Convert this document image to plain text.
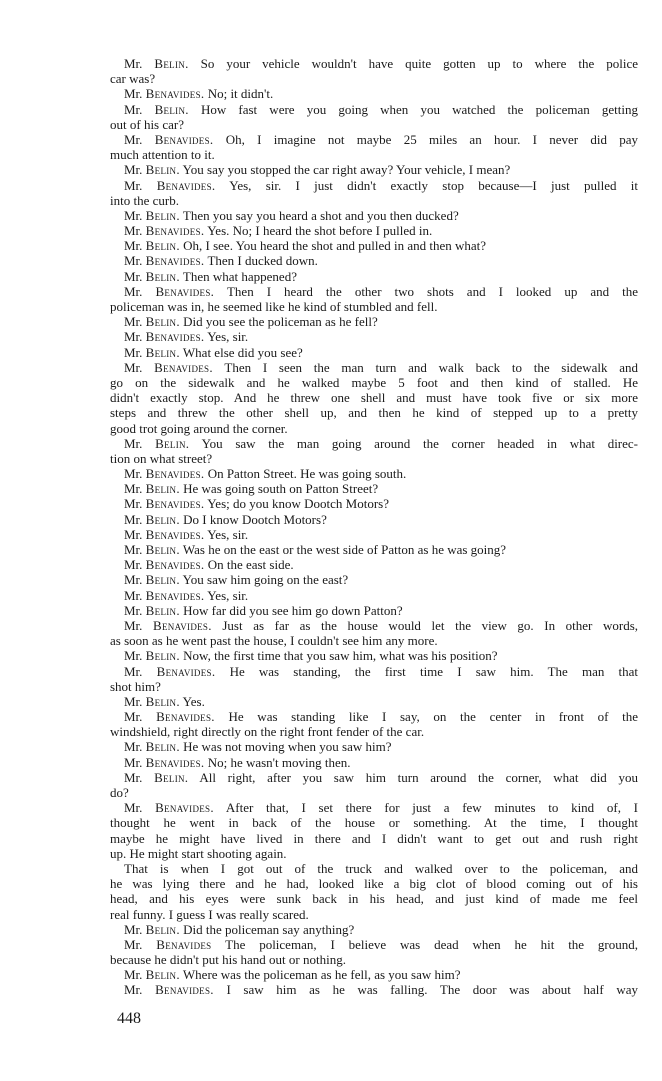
Mr. Belin. So your vehicle wouldn't have quite gotten up to where the police
car was?
Mr. Benavides. No; it didn't.
Mr. Belin. How fast were you going when you watched the policeman getting
out of his car?
Mr. Benavides. Oh, I imagine not maybe 25 miles an hour. I never did pay
much attention to it.
Mr. Belin. You say you stopped the car right away? Your vehicle, I mean?
Mr. Benavides. Yes, sir. I just didn't exactly stop because—I just pulled it
into the curb.
Mr. Belin. Then you say you heard a shot and you then ducked?
Mr. Benavides. Yes. No; I heard the shot before I pulled in.
Mr. Belin. Oh, I see. You heard the shot and pulled in and then what?
Mr. Benavides. Then I ducked down.
Mr. Belin. Then what happened?
Mr. Benavides. Then I heard the other two shots and I looked up and the
policeman was in, he seemed like he kind of stumbled and fell.
Mr. Belin. Did you see the policeman as he fell?
Mr. Benavides. Yes, sir.
Mr. Belin. What else did you see?
Mr. Benavides. Then I seen the man turn and walk back to the sidewalk and
go on the sidewalk and he walked maybe 5 foot and then kind of stalled. He
didn't exactly stop. And he threw one shell and must have took five or six more
steps and threw the other shell up, and then he kind of stepped up to a pretty
good trot going around the corner.
Mr. Belin. You saw the man going around the corner headed in what direc-
tion on what street?
Mr. Benavides. On Patton Street. He was going south.
Mr. Belin. He was going south on Patton Street?
Mr. Benavides. Yes; do you know Dootch Motors?
Mr. Belin. Do I know Dootch Motors?
Mr. Benavides. Yes, sir.
Mr. Belin. Was he on the east or the west side of Patton as he was going?
Mr. Benavides. On the east side.
Mr. Belin. You saw him going on the east?
Mr. Benavides. Yes, sir.
Mr. Belin. How far did you see him go down Patton?
Mr. Benavides. Just as far as the house would let the view go. In other words,
as soon as he went past the house, I couldn't see him any more.
Mr. Belin. Now, the first time that you saw him, what was his position?
Mr. Benavides. He was standing, the first time I saw him. The man that
shot him?
Mr. Belin. Yes.
Mr. Benavides. He was standing like I say, on the center in front of the
windshield, right directly on the right front fender of the car.
Mr. Belin. He was not moving when you saw him?
Mr. Benavides. No; he wasn't moving then.
Mr. Belin. All right, after you saw him turn around the corner, what did you
do?
Mr. Benavides. After that, I set there for just a few minutes to kind of, I
thought he went in back of the house or something. At the time, I thought
maybe he might have lived in there and I didn't want to get out and rush right
up. He might start shooting again.
That is when I got out of the truck and walked over to the policeman, and
he was lying there and he had, looked like a big clot of blood coming out of his
head, and his eyes were sunk back in his head, and just kind of made me feel
real funny. I guess I was really scared.
Mr. Belin. Did the policeman say anything?
Mr. Benavides The policeman, I believe was dead when he hit the ground,
because he didn't put his hand out or nothing.
Mr. Belin. Where was the policeman as he fell, as you saw him?
Mr. Benavides. I saw him as he was falling. The door was about half way
448
